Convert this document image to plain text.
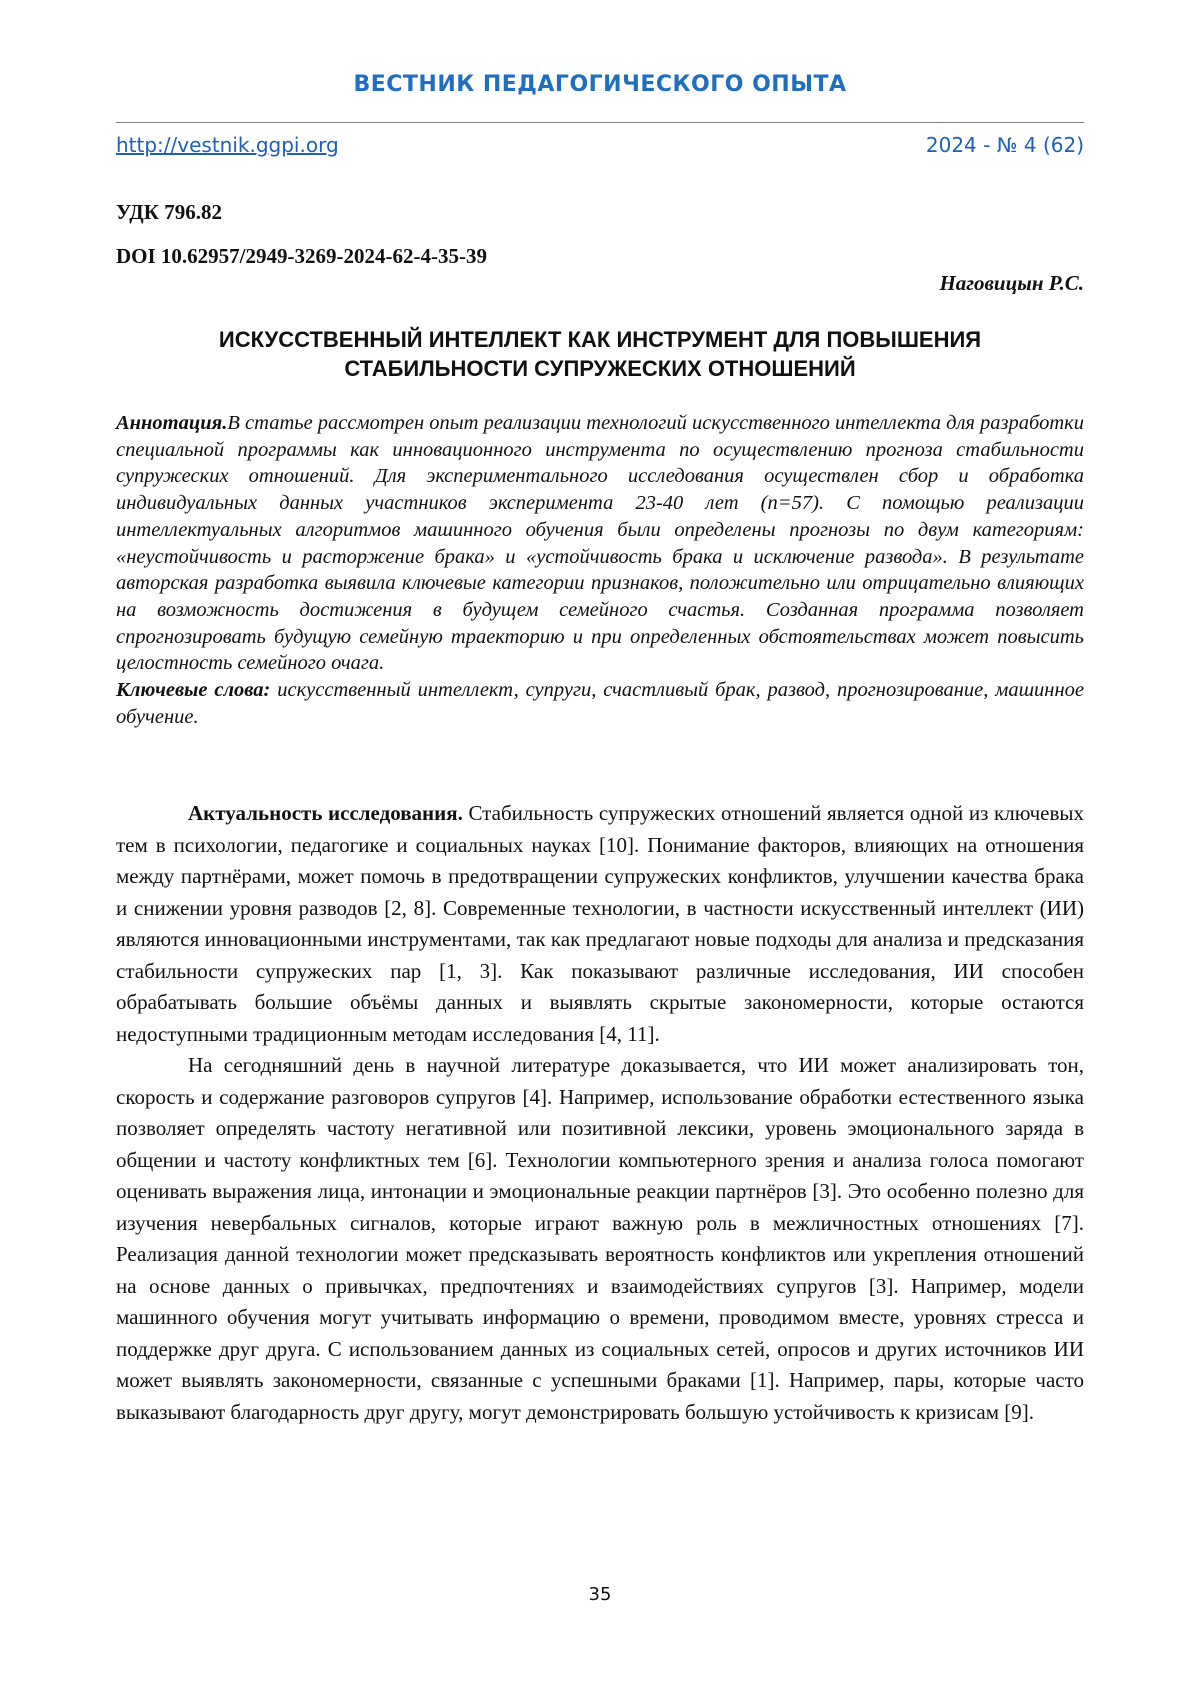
ВЕСТНИК ПЕДАГОГИЧЕСКОГО ОПЫТА
http://vestnik.ggpi.org	2024 - № 4 (62)
УДК 796.82
DOI 10.62957/2949-3269-2024-62-4-35-39
Наговицын Р.С.
ИСКУССТВЕННЫЙ ИНТЕЛЛЕКТ КАК ИНСТРУМЕНТ ДЛЯ ПОВЫШЕНИЯ
СТАБИЛЬНОСТИ СУПРУЖЕСКИХ ОТНОШЕНИЙ
Аннотация.В статье рассмотрен опыт реализации технологий искусственного интеллекта для разработки специальной программы как инновационного инструмента по осуществлению прогноза стабильности супружеских отношений. Для экспериментального исследования осуществлен сбор и обработка индивидуальных данных участников эксперимента 23-40 лет (n=57). С помощью реализации интеллектуальных алгоритмов машинного обучения были определены прогнозы по двум категориям: «неустойчивость и расторжение брака» и «устойчивость брака и исключение развода». В результате авторская разработка выявила ключевые категории признаков, положительно или отрицательно влияющих на возможность достижения в будущем семейного счастья. Созданная программа позволяет спрогнозировать будущую семейную траекторию и при определенных обстоятельствах может повысить целостность семейного очага.
Ключевые слова: искусственный интеллект, супруги, счастливый брак, развод, прогнозирование, машинное обучение.

Актуальность исследования. Стабильность супружеских отношений является одной из ключевых тем в психологии, педагогике и социальных науках [10]. Понимание факторов, влияющих на отношения между партнёрами, может помочь в предотвращении супружеских конфликтов, улучшении качества брака и снижении уровня разводов [2, 8]. Современные технологии, в частности искусственный интеллект (ИИ) являются инновационными инструментами, так как предлагают новые подходы для анализа и предсказания стабильности супружеских пар [1, 3]. Как показывают различные исследования, ИИ способен обрабатывать большие объёмы данных и выявлять скрытые закономерности, которые остаются недоступными традиционным методам исследования [4, 11].

На сегодняшний день в научной литературе доказывается, что ИИ может анализировать тон, скорость и содержание разговоров супругов [4]. Например, использование обработки естественного языка позволяет определять частоту негативной или позитивной лексики, уровень эмоционального заряда в общении и частоту конфликтных тем [6]. Технологии компьютерного зрения и анализа голоса помогают оценивать выражения лица, интонации и эмоциональные реакции партнёров [3]. Это особенно полезно для изучения невербальных сигналов, которые играют важную роль в межличностных отношениях [7]. Реализация данной технологии может предсказывать вероятность конфликтов или укрепления отношений на основе данных о привычках, предпочтениях и взаимодействиях супругов [3]. Например, модели машинного обучения могут учитывать информацию о времени, проводимом вместе, уровнях стресса и поддержке друг друга. С использованием данных из социальных сетей, опросов и других источников ИИ может выявлять закономерности, связанные с успешными браками [1]. Например, пары, которые часто выказывают благодарность друг другу, могут демонстрировать большую устойчивость к кризисам [9].

35
